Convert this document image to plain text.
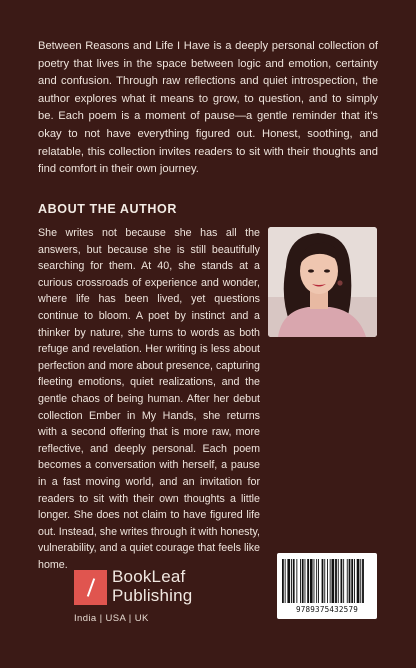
Between Reasons and Life I Have is a deeply personal collection of poetry that lives in the space between logic and emotion, certainty and confusion. Through raw reflections and quiet introspection, the author explores what it means to grow, to question, and to simply be. Each poem is a moment of pause—a gentle reminder that it’s okay to not have everything figured out. Honest, soothing, and relatable, this collection invites readers to sit with their thoughts and find comfort in their own journey.

ABOUT THE AUTHOR

She writes not because she has all the answers, but because she is still beautifully searching for them. At 40, she stands at a curious crossroads of experience and wonder, where life has been lived, yet questions continue to bloom. A poet by instinct and a thinker by nature, she turns to words as both refuge and revelation. Her writing is less about perfection and more about presence, capturing fleeting emotions, quiet realizations, and the gentle chaos of being human. After her debut collection Ember in My Hands, she returns with a second offering that is more raw, more reflective, and deeply personal. Each poem becomes a conversation with herself, a pause in a fast moving world, and an invitation for readers to sit with their own thoughts a little longer. She does not claim to have figured life out. Instead, she writes through it with honesty, vulnerability, and a quiet courage that feels like home.

BookLeaf
Publishing
India | USA | UK
9789375432579
